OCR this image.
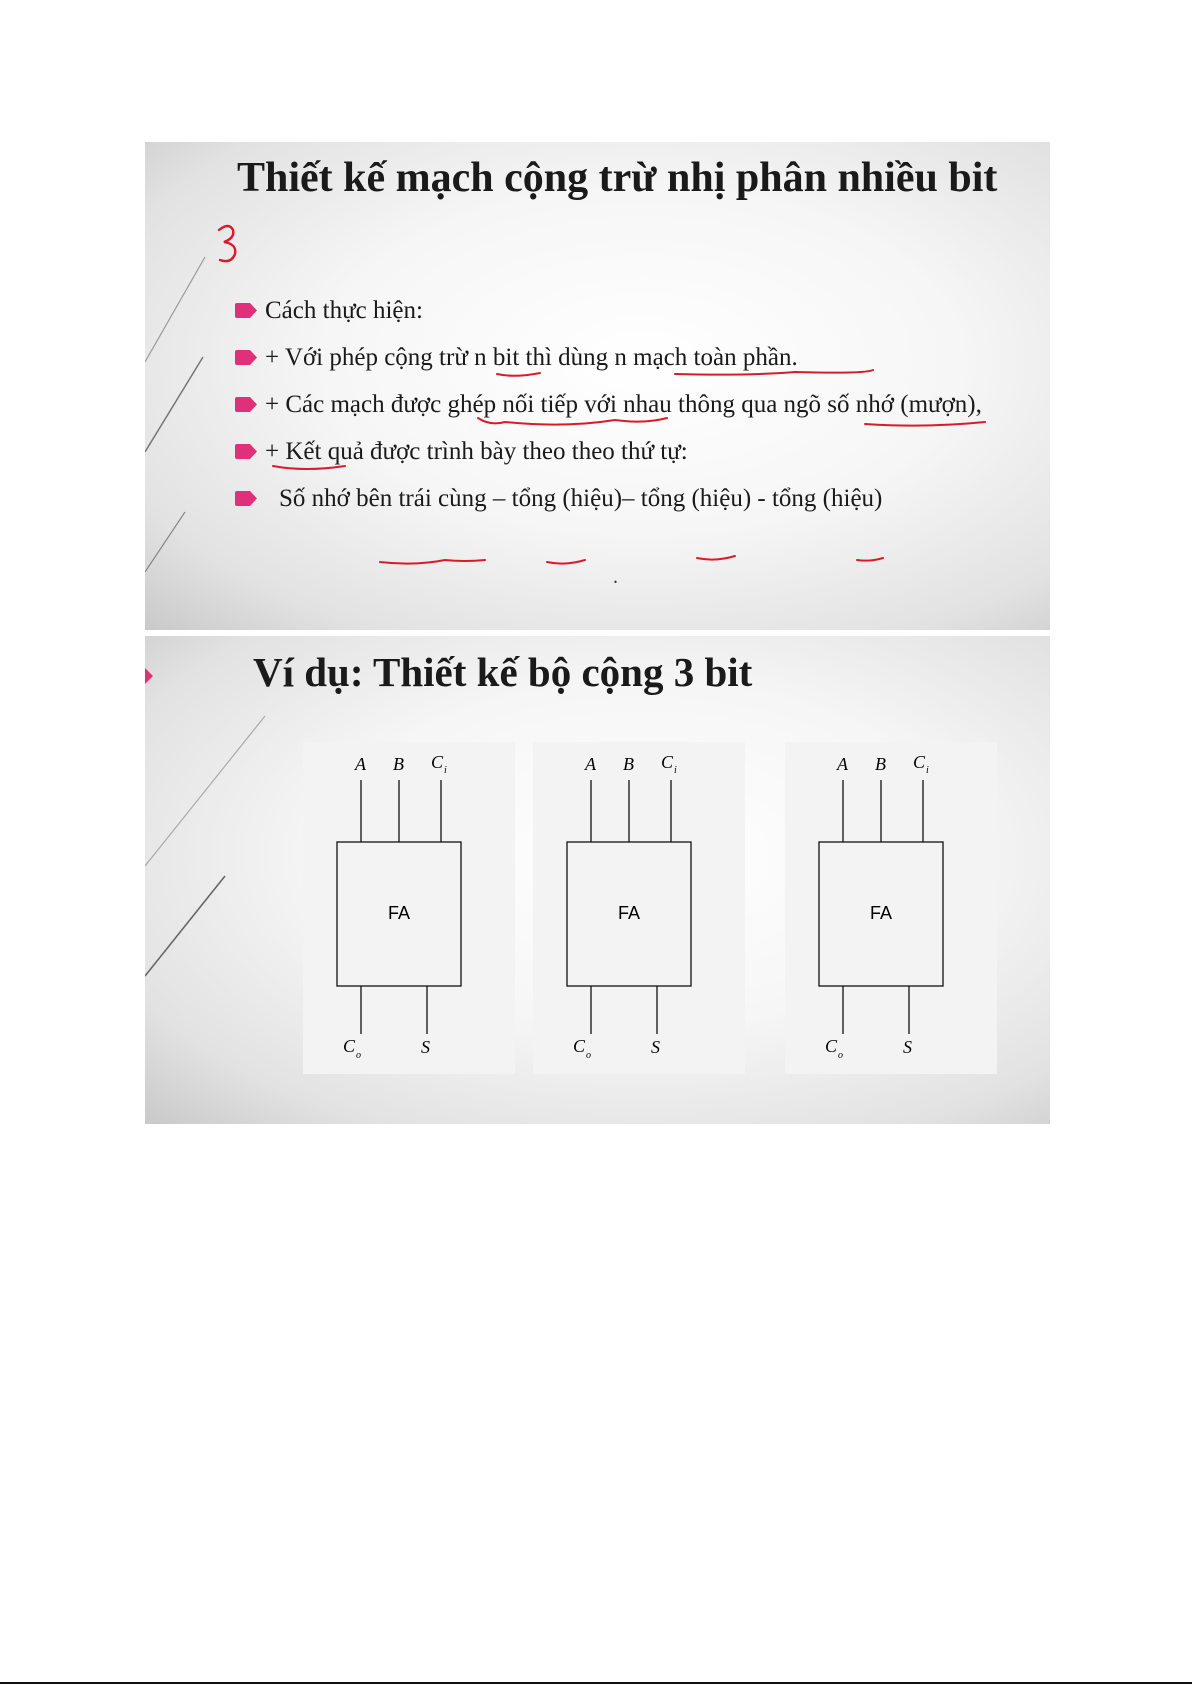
Thiết kế mạch cộng trừ nhị phân nhiều bit
Cách thực hiện:
+ Với phép cộng trừ n bit thì dùng n mạch toàn phần.
+ Các mạch được ghép nối tiếp với nhau thông qua ngõ số nhớ (mượn),
+ Kết quả được trình bày theo theo thứ tự:
Số nhớ bên trái cùng – tổng (hiệu)– tổng (hiệu) - tổng (hiệu)
.
Ví dụ: Thiết kế bộ cộng 3 bit
FA
A B C i
C o	S
FA
A B C i
C o	S
FA
A B C i
C o	S
